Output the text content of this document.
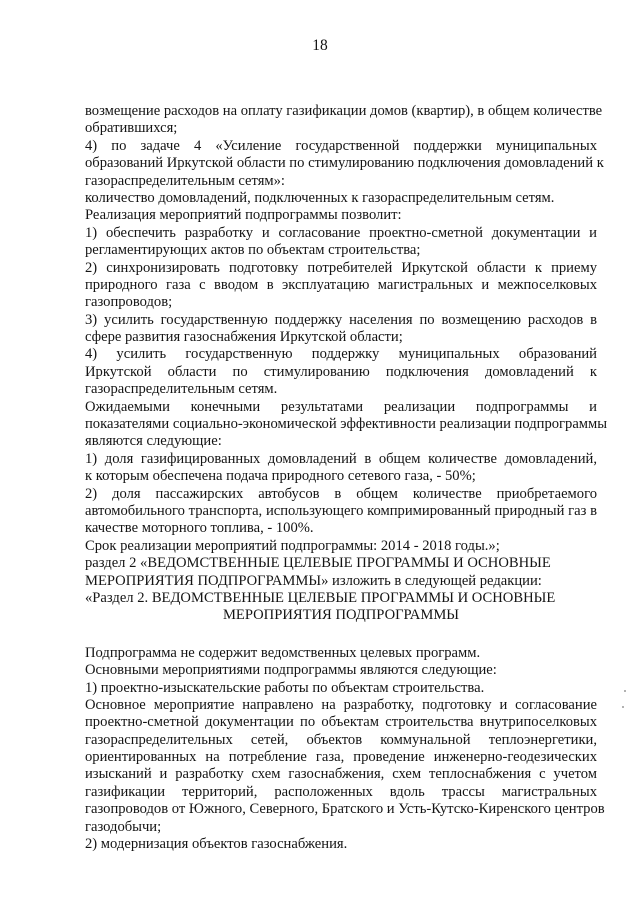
18
возмещение расходов на оплату газификации домов (квартир), в общем количестве
обратившихся;
4) по задаче 4 «Усиление государственной поддержки муниципальных
образований Иркутской области по стимулированию подключения домовладений к
газораспределительным сетям»:
количество домовладений, подключенных к газораспределительным сетям.
Реализация мероприятий подпрограммы позволит:
1) обеспечить разработку и согласование проектно-сметной документации и
регламентирующих актов по объектам строительства;
2) синхронизировать подготовку потребителей Иркутской области к приему
природного газа с вводом в эксплуатацию магистральных и межпоселковых
газопроводов;
3) усилить государственную поддержку населения по возмещению расходов в
сфере развития газоснабжения Иркутской области;
4) усилить государственную поддержку муниципальных образований
Иркутской области по стимулированию подключения домовладений к
газораспределительным сетям.
Ожидаемыми конечными результатами реализации подпрограммы и
показателями социально-экономической эффективности реализации подпрограммы
являются следующие:
1) доля газифицированных домовладений в общем количестве домовладений,
к которым обеспечена подача природного сетевого газа, - 50%;
2) доля пассажирских автобусов в общем количестве приобретаемого
автомобильного транспорта, использующего компримированный природный газ в
качестве моторного топлива, - 100%.
Срок реализации мероприятий подпрограммы: 2014 - 2018 годы.»;
раздел 2 «ВЕДОМСТВЕННЫЕ ЦЕЛЕВЫЕ ПРОГРАММЫ И ОСНОВНЫЕ
МЕРОПРИЯТИЯ ПОДПРОГРАММЫ» изложить в следующей редакции:
«Раздел 2. ВЕДОМСТВЕННЫЕ ЦЕЛЕВЫЕ ПРОГРАММЫ И ОСНОВНЫЕ
МЕРОПРИЯТИЯ ПОДПРОГРАММЫ
Подпрограмма не содержит ведомственных целевых программ.
Основными мероприятиями подпрограммы являются следующие:
1) проектно-изыскательские работы по объектам строительства.
Основное мероприятие направлено на разработку, подготовку и согласование
проектно-сметной документации по объектам строительства внутрипоселковых
газораспределительных сетей, объектов коммунальной теплоэнергетики,
ориентированных на потребление газа, проведение инженерно-геодезических
изысканий и разработку схем газоснабжения, схем теплоснабжения с учетом
газификации территорий, расположенных вдоль трассы магистральных
газопроводов от Южного, Северного, Братского и Усть-Кутско-Киренского центров
газодобычи;
2) модернизация объектов газоснабжения.
